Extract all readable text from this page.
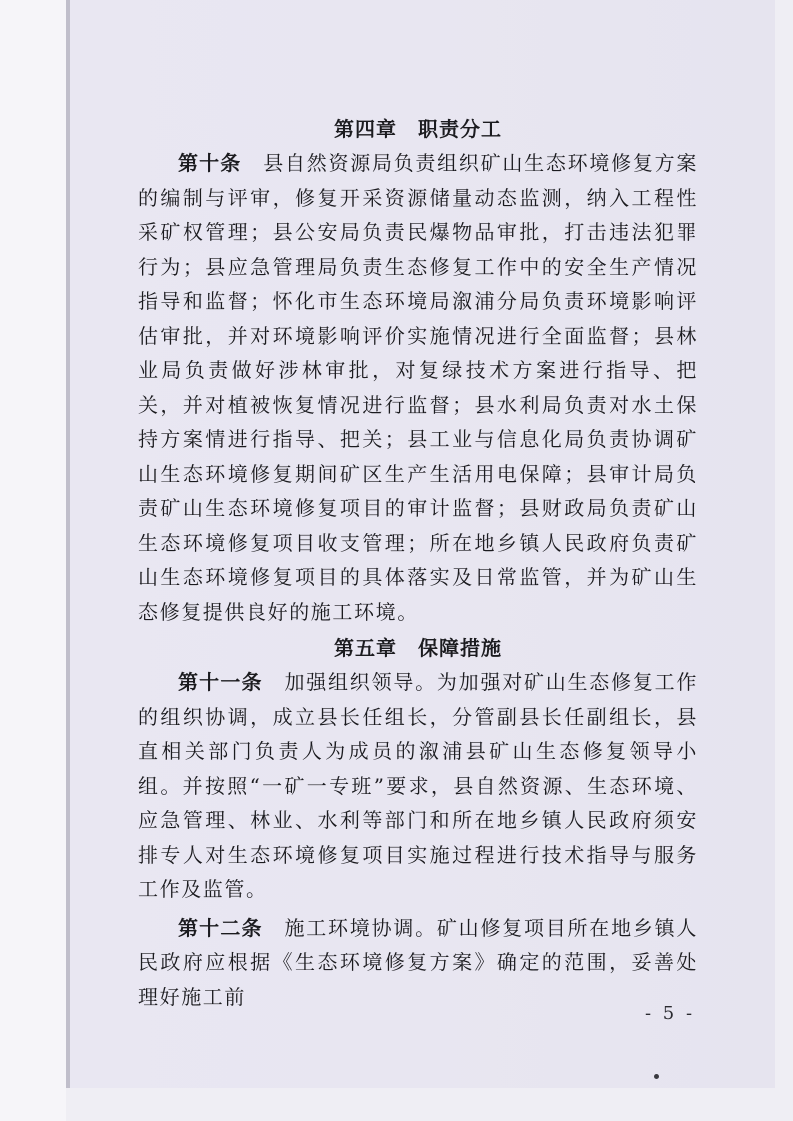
第四章　职责分工

第十条　 县自然资源局负责组织矿山生态环境修复方案的编制与评审，修复开采资源储量动态监测，纳入工程性采矿权管理；县公安局负责民爆物品审批，打击违法犯罪行为；县应急管理局负责生态修复工作中的安全生产情况指导和监督；怀化市生态环境局溆浦分局负责环境影响评估审批，并对环境影响评价实施情况进行全面监督；县林业局负责做好涉林审批，对复绿技术方案进行指导、把关，并对植被恢复情况进行监督；县水利局负责对水土保持方案情进行指导、把关；县工业与信息化局负责协调矿山生态环境修复期间矿区生产生活用电保障；县审计局负责矿山生态环境修复项目的审计监督；县财政局负责矿山生态环境修复项目收支管理；所在地乡镇人民政府负责矿山生态环境修复项目的具体落实及日常监管，并为矿山生态修复提供良好的施工环境。

第五章　保障措施

第十一条　 加强组织领导。为加强对矿山生态修复工作的组织协调，成立县长任组长，分管副县长任副组长，县直相关部门负责人为成员的溆浦县矿山生态修复领导小组。并按照“一矿一专班”要求，县自然资源、生态环境、应急管理、林业、水利等部门和所在地乡镇人民政府须安排专人对生态环境修复项目实施过程进行技术指导与服务工作及监管。

第十二条　 施工环境协调。矿山修复项目所在地乡镇人民政府应根据《生态环境修复方案》确定的范围，妥善处理好施工前

- 5 -
